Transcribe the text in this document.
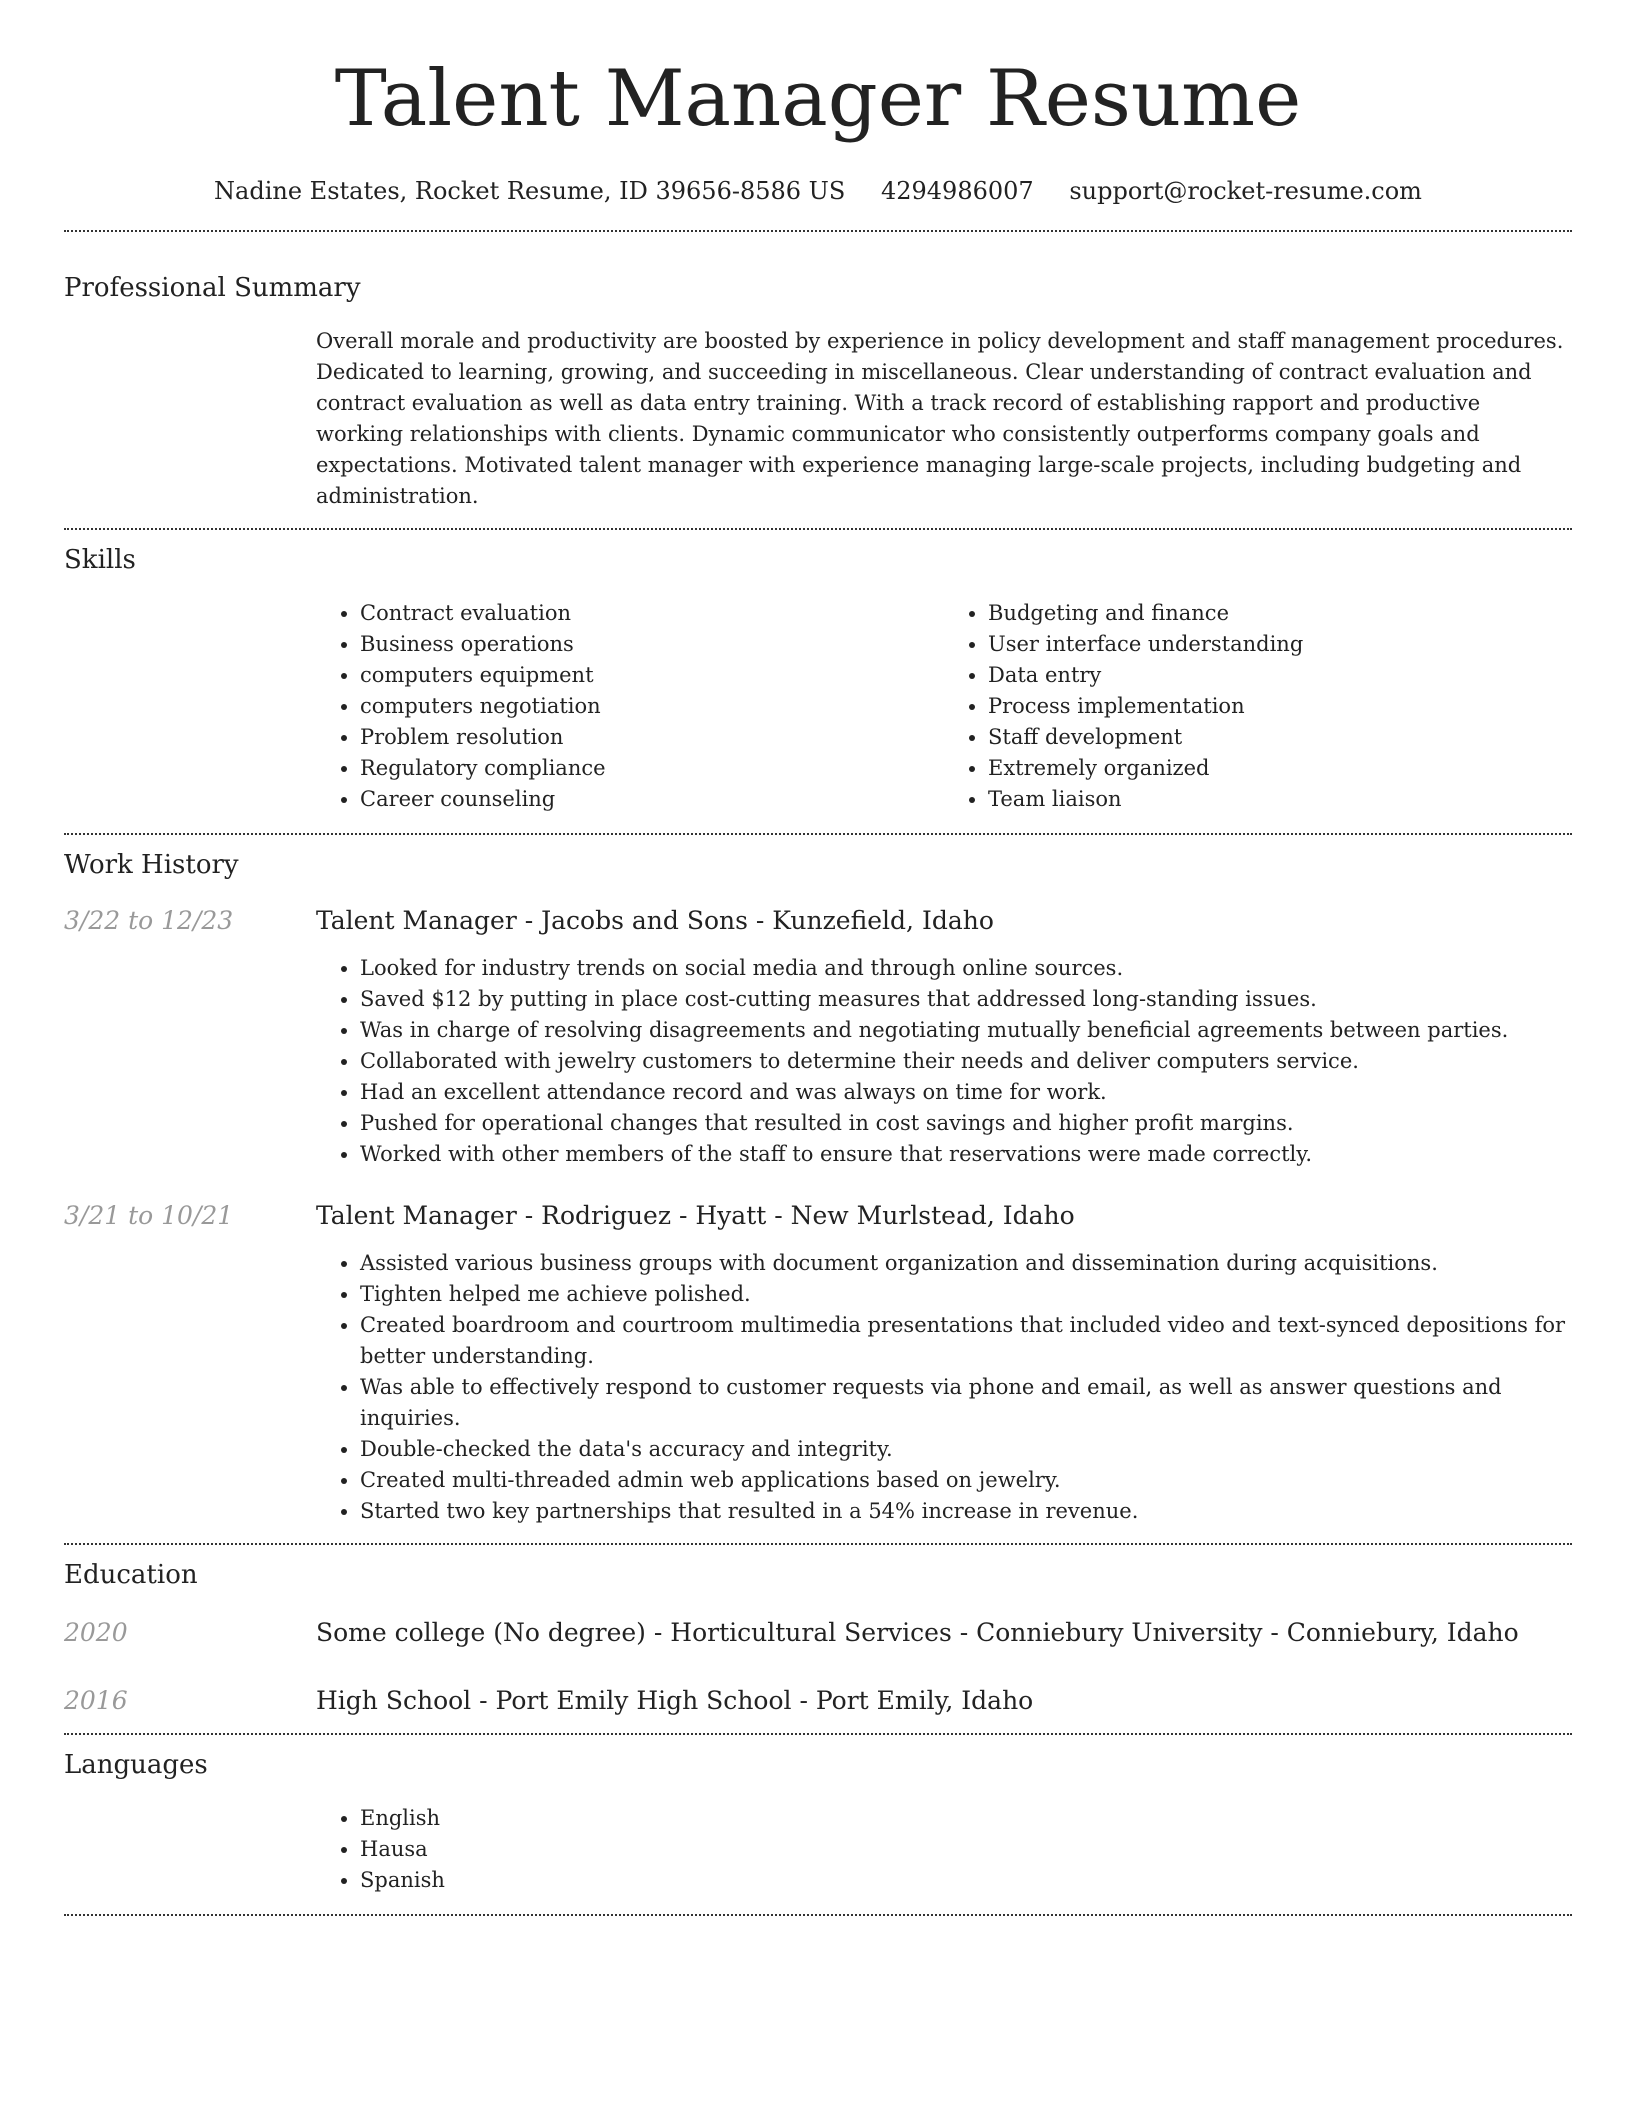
Talent Manager Resume
Nadine Estates, Rocket Resume, ID 39656-8586 US 4294986007 support@rocket-resume.com
Professional Summary
Overall morale and productivity are boosted by experience in policy development and staff management procedures. Dedicated to learning, growing, and succeeding in miscellaneous. Clear understanding of contract evaluation and contract evaluation as well as data entry training. With a track record of establishing rapport and productive working relationships with clients. Dynamic communicator who consistently outperforms company goals and expectations. Motivated talent manager with experience managing large-scale projects, including budgeting and administration.
Skills
• Contract evaluation
• Business operations
• computers equipment
• computers negotiation
• Problem resolution
• Regulatory compliance
• Career counseling
• Budgeting and finance
• User interface understanding
• Data entry
• Process implementation
• Staff development
• Extremely organized
• Team liaison
Work History
3/22 to 12/23	Talent Manager - Jacobs and Sons - Kunzefield, Idaho
• Looked for industry trends on social media and through online sources.
• Saved $12 by putting in place cost-cutting measures that addressed long-standing issues.
• Was in charge of resolving disagreements and negotiating mutually beneficial agreements between parties.
• Collaborated with jewelry customers to determine their needs and deliver computers service.
• Had an excellent attendance record and was always on time for work.
• Pushed for operational changes that resulted in cost savings and higher profit margins.
• Worked with other members of the staff to ensure that reservations were made correctly.
3/21 to 10/21	Talent Manager - Rodriguez - Hyatt - New Murlstead, Idaho
• Assisted various business groups with document organization and dissemination during acquisitions.
• Tighten helped me achieve polished.
• Created boardroom and courtroom multimedia presentations that included video and text-synced depositions for better understanding.
• Was able to effectively respond to customer requests via phone and email, as well as answer questions and inquiries.
• Double-checked the data's accuracy and integrity.
• Created multi-threaded admin web applications based on jewelry.
• Started two key partnerships that resulted in a 54% increase in revenue.
Education
2020	Some college (No degree) - Horticultural Services - Conniebury University - Conniebury, Idaho
2016	High School - Port Emily High School - Port Emily, Idaho
Languages
• English
• Hausa
• Spanish
